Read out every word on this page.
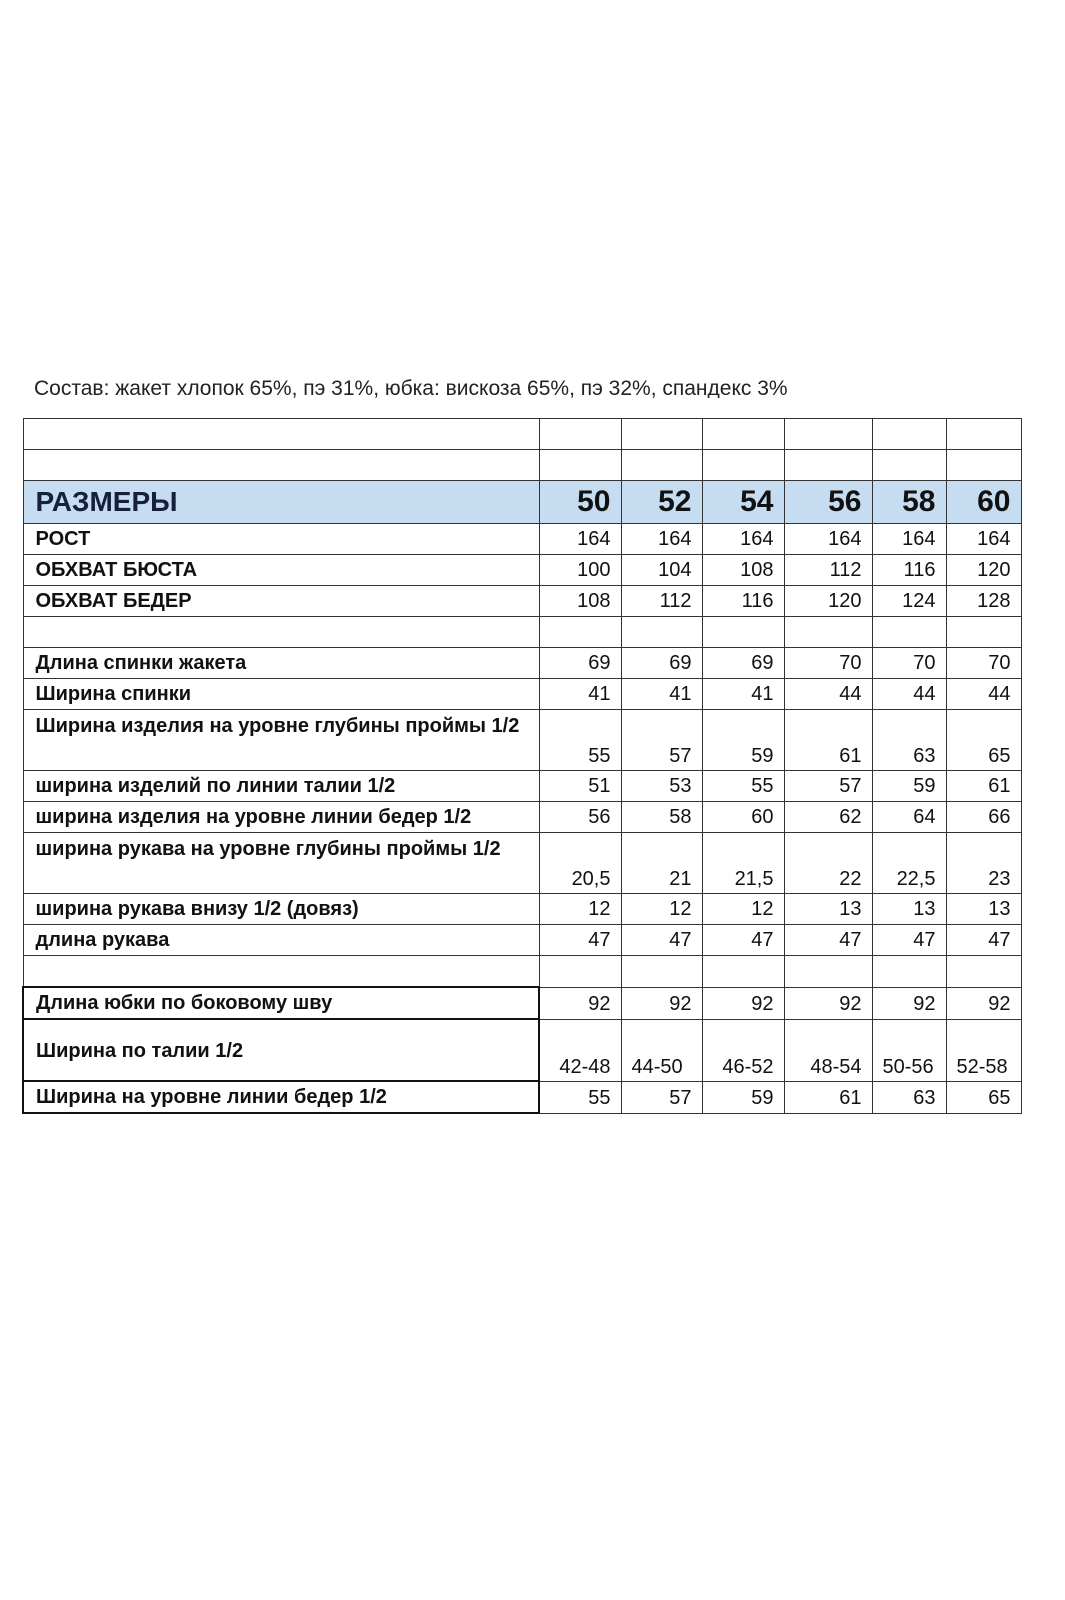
Состав: жакет хлопок 65%, пэ 31%, юбка: вискоза 65%, пэ 32%, спандекс 3%

РАЗМЕРЫ	50	52	54	56	58	60
РОСТ	164	164	164	164	164	164
ОБХВАТ БЮСТА	100	104	108	112	116	120
ОБХВАТ БЕДЕР	108	112	116	120	124	128

Длина спинки жакета	69	69	69	70	70	70
Ширина спинки	41	41	41	44	44	44
Ширина изделия на уровне глубины проймы 1/2	55	57	59	61	63	65
ширина изделий по линии талии 1/2	51	53	55	57	59	61
ширина изделия на уровне линии бедер 1/2	56	58	60	62	64	66
ширина рукава на уровне глубины проймы 1/2	20,5	21	21,5	22	22,5	23
ширина рукава внизу 1/2 (довяз)	12	12	12	13	13	13
длина рукава	47	47	47	47	47	47

Длина юбки по боковому шву	92	92	92	92	92	92
Ширина по талии 1/2	42-48	44-50	46-52	48-54	50-56	52-58
Ширина на уровне линии бедер 1/2	55	57	59	61	63	65
